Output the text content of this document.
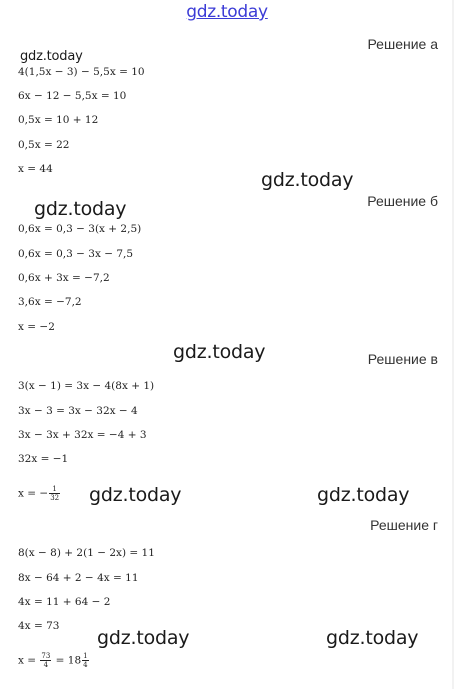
gdz.today
Решение а
gdz.today
4(1,5x − 3) − 5,5x = 10
6x − 12 − 5,5x = 10
0,5x = 10 + 12
0,5x = 22
x = 44	gdz.today
Решение б
gdz.today
0,6x = 0,3 − 3(x + 2,5)
0,6x = 0,3 − 3x − 7,5
0,6x + 3x = −7,2
3,6x = −7,2
x = −2
gdz.today	Решение в
3(x − 1) = 3x − 4(8x + 1)
3x − 3 = 3x − 32x − 4
3x − 3x + 32x = −4 + 3
32x = −1
x = − $\frac{1}{32}$ gdz.today	gdz.today
Решение г
8(x − 8) + 2(1 − 2x) = 11
8x − 64 + 2 − 4x = 11
4x = 11 + 64 − 2
4x = 73
gdz.today	gdz.today
$x = \frac{73}{4} = 18 \frac{1}{4}$
